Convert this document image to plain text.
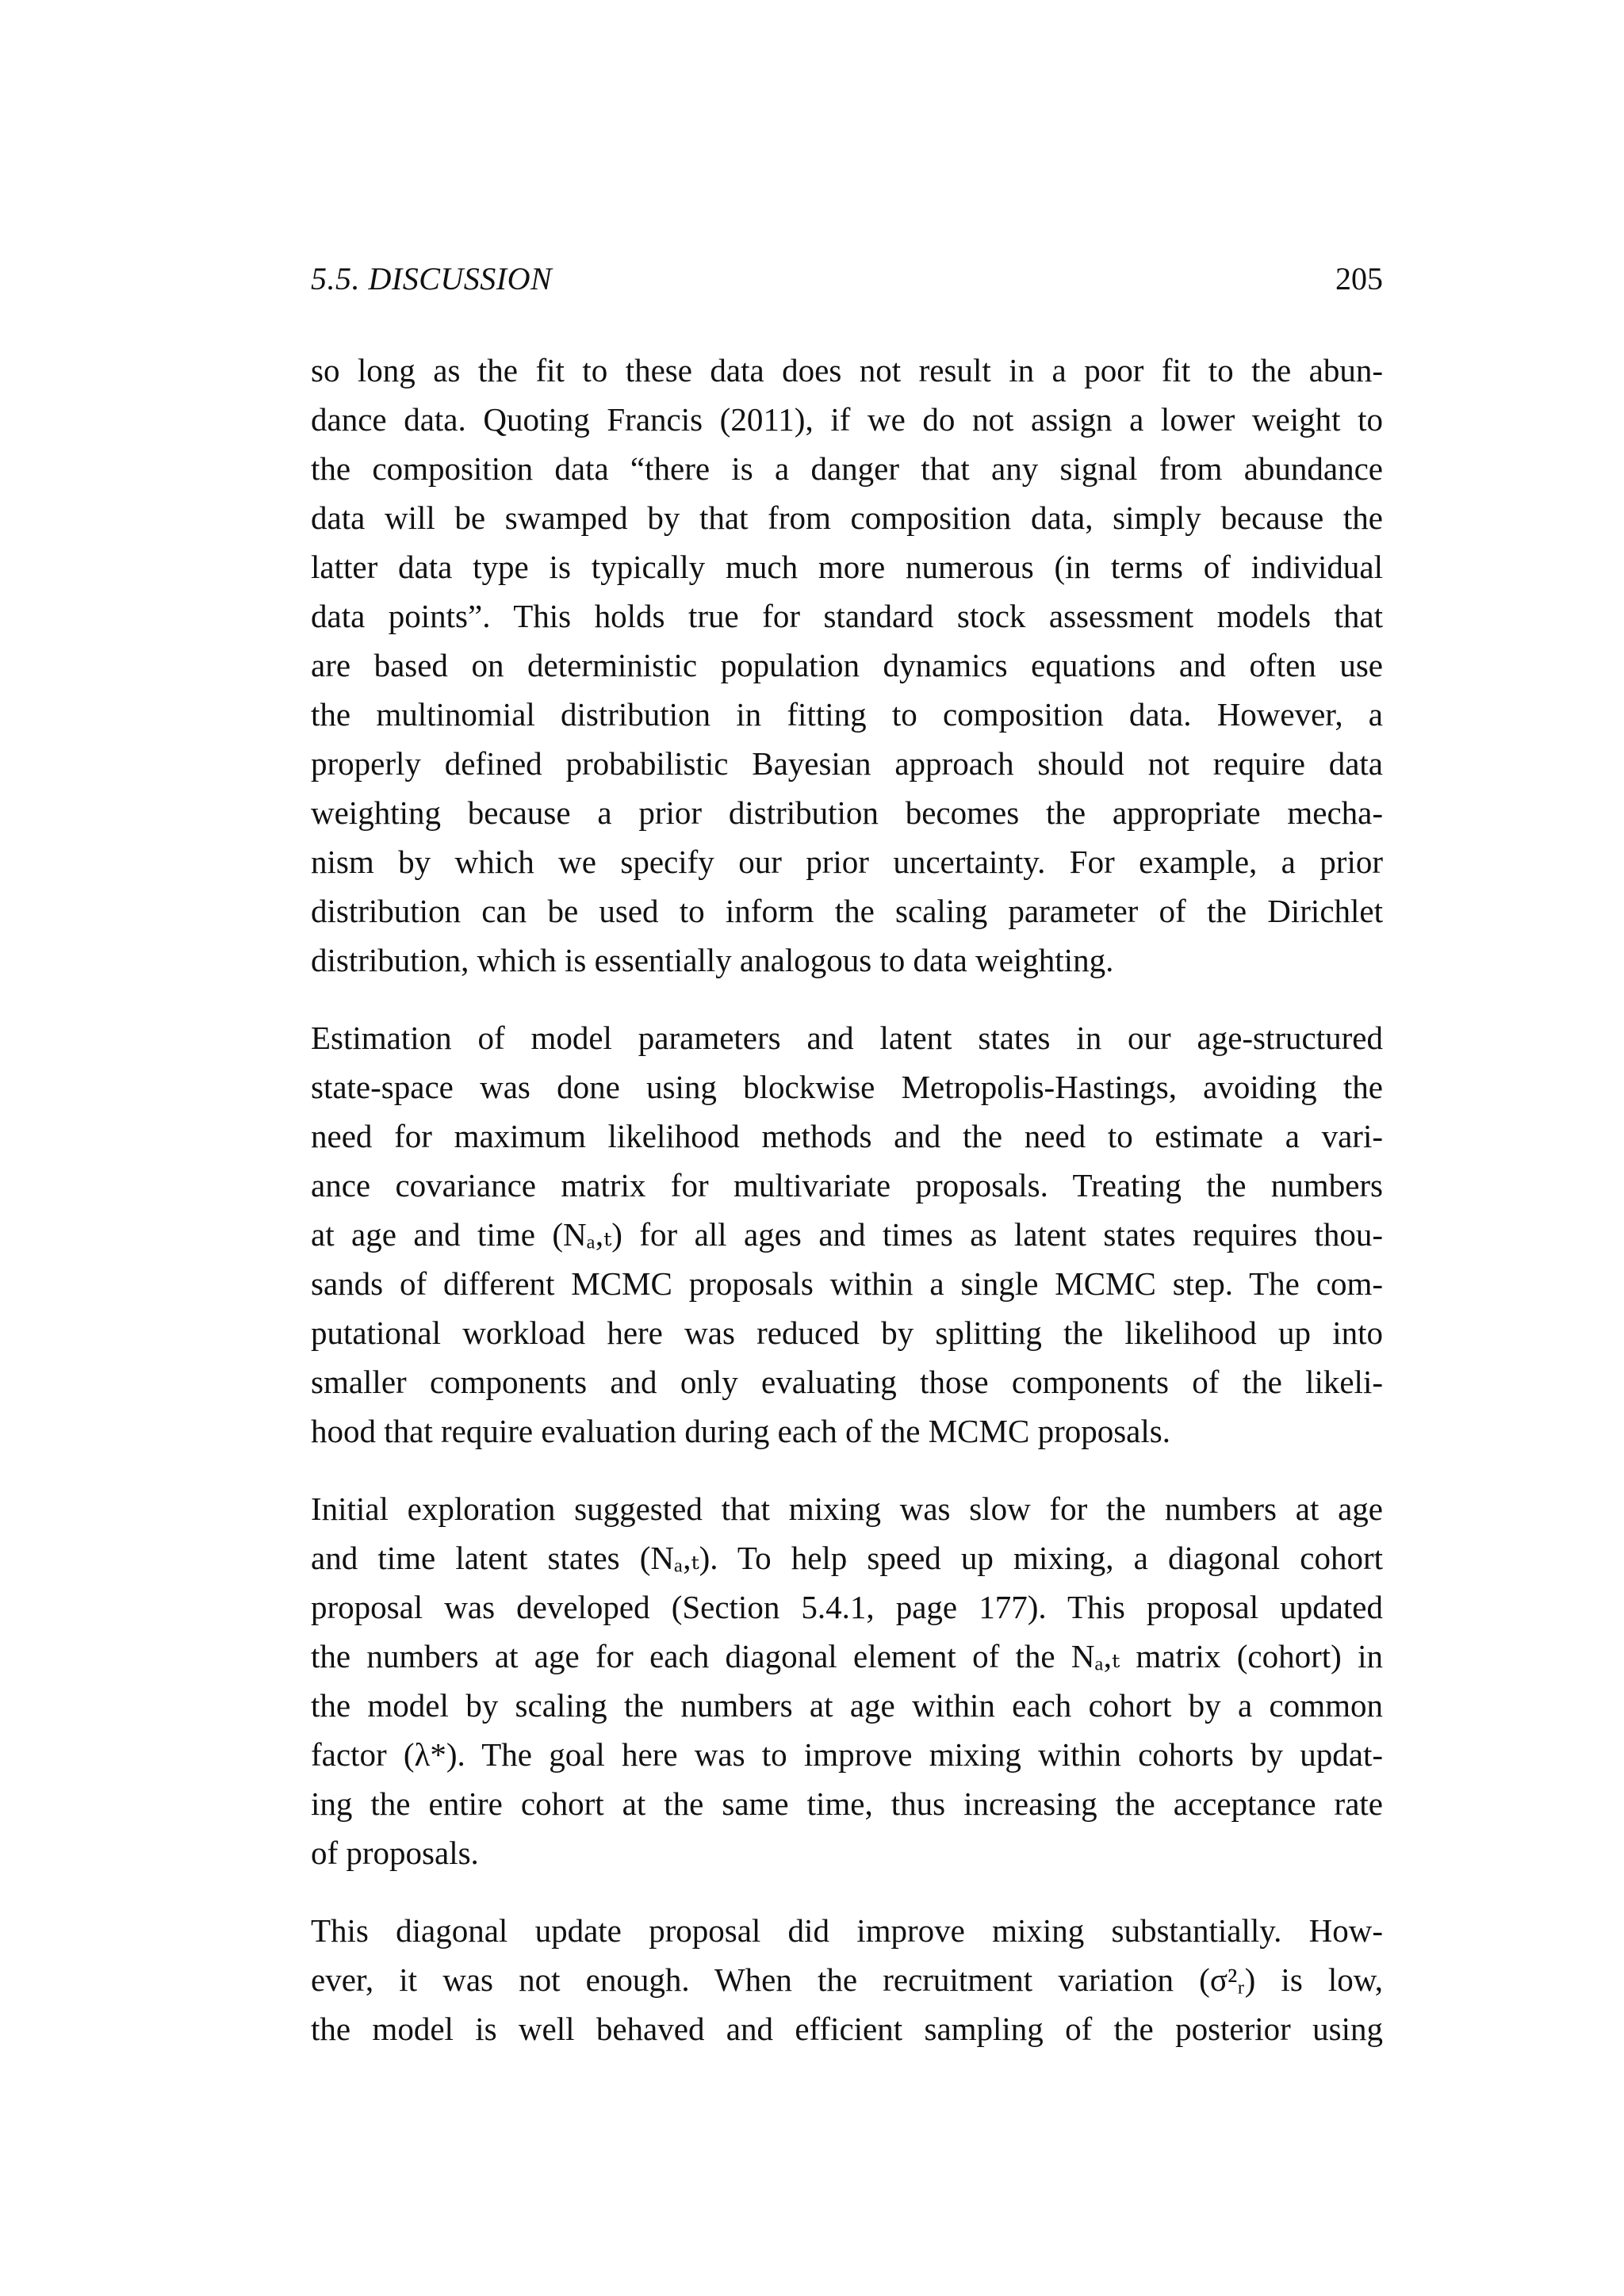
5.5. DISCUSSION	205

so long as the fit to these data does not result in a poor fit to the abun-
dance data. Quoting Francis (2011), if we do not assign a lower weight to
the composition data “there is a danger that any signal from abundance
data will be swamped by that from composition data, simply because the
latter data type is typically much more numerous (in terms of individual
data points”. This holds true for standard stock assessment models that
are based on deterministic population dynamics equations and often use
the multinomial distribution in fitting to composition data. However, a
properly defined probabilistic Bayesian approach should not require data
weighting because a prior distribution becomes the appropriate mecha-
nism by which we specify our prior uncertainty. For example, a prior
distribution can be used to inform the scaling parameter of the Dirichlet
distribution, which is essentially analogous to data weighting.

Estimation of model parameters and latent states in our age-structured
state-space was done using blockwise Metropolis-Hastings, avoiding the
need for maximum likelihood methods and the need to estimate a vari-
ance covariance matrix for multivariate proposals. Treating the numbers
at age and time (Nₐ,ₜ) for all ages and times as latent states requires thou-
sands of different MCMC proposals within a single MCMC step. The com-
putational workload here was reduced by splitting the likelihood up into
smaller components and only evaluating those components of the likeli-
hood that require evaluation during each of the MCMC proposals.

Initial exploration suggested that mixing was slow for the numbers at age
and time latent states (Nₐ,ₜ). To help speed up mixing, a diagonal cohort
proposal was developed (Section 5.4.1, page 177). This proposal updated
the numbers at age for each diagonal element of the Nₐ,ₜ matrix (cohort) in
the model by scaling the numbers at age within each cohort by a common
factor (λ*). The goal here was to improve mixing within cohorts by updat-
ing the entire cohort at the same time, thus increasing the acceptance rate
of proposals.

This diagonal update proposal did improve mixing substantially. How-
ever, it was not enough. When the recruitment variation (σ²ᵣ) is low,
the model is well behaved and efficient sampling of the posterior using
